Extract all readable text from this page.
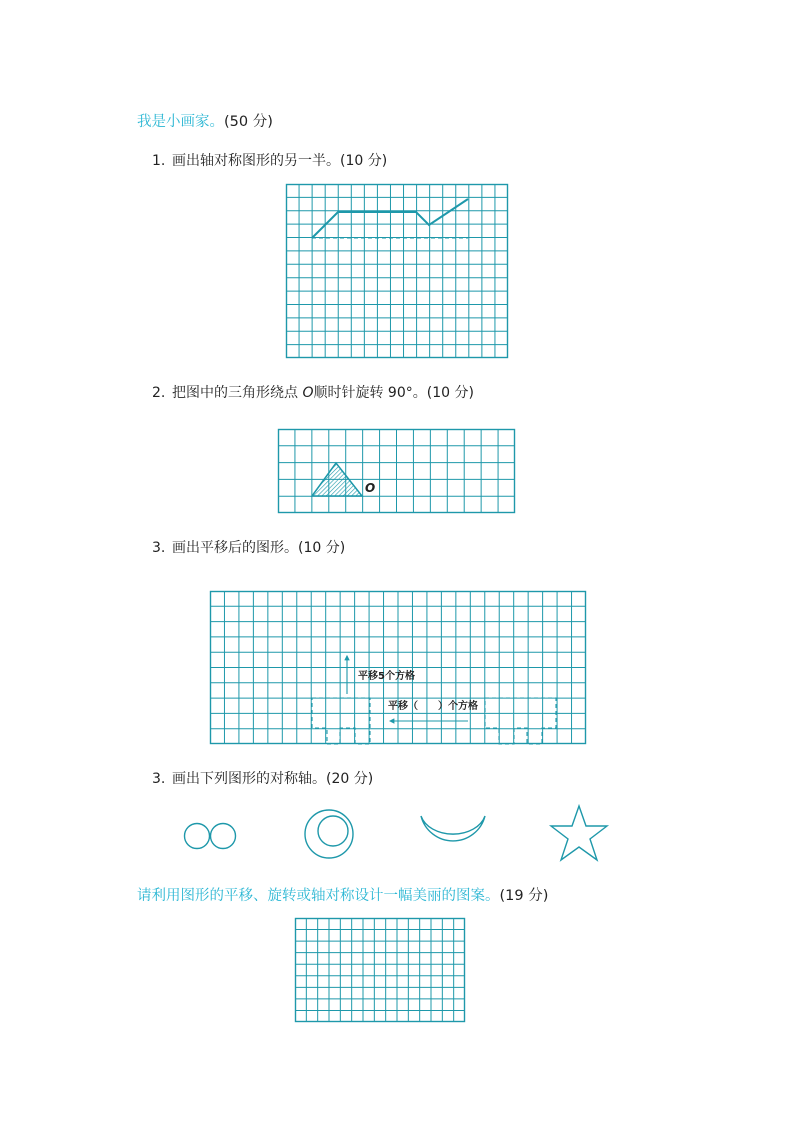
我是小画家。(50 分)
1. 画出轴对称图形的另一半。(10 分)
2. 把图中的三角形绕点 O顺时针旋转 90°。(10 分)
O
3. 画出平移后的图形。(10 分)
平移5个方格
平移（　　）个方格
3. 画出下列图形的对称轴。(20 分)
请利用图形的平移、旋转或轴对称设计一幅美丽的图案。(19 分)
